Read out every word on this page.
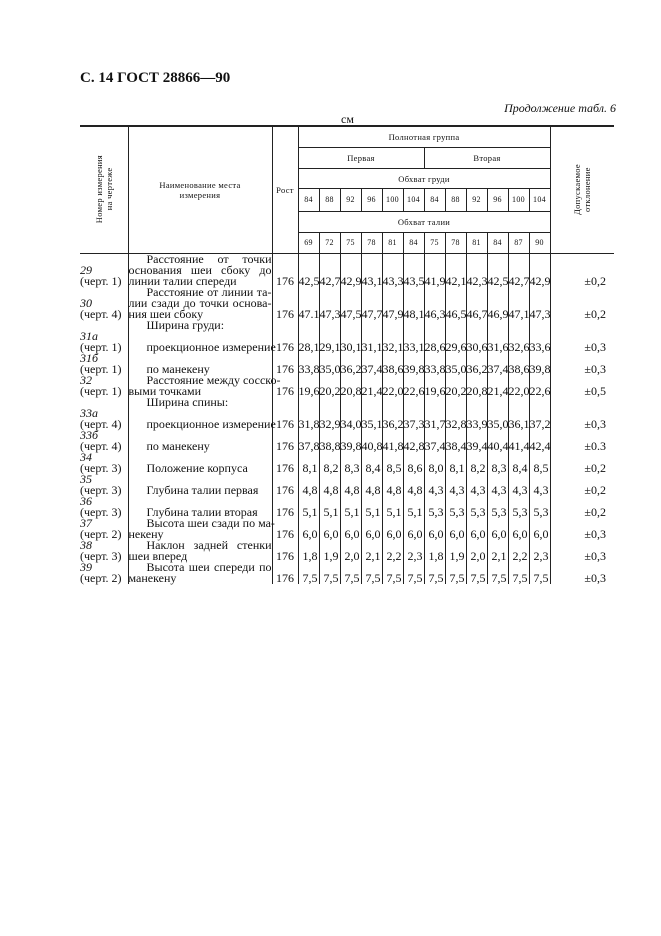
С. 14 ГОСТ 28866—90
Продолжение табл. 6
см
Номер измерения
на чертеже	Наименование места
измерения	Рост	Полнотная группа												Допускаемое
отклонение
			Первая						Вторая						
			Обхват груди												
			84	88	92	96	100	104	84	88	92	96	100	104	
			Обхват талии												
			69	72	75	78	81	84	75	78	81	84	87	90	

29
(черт. 1)	Расстояние от точки
основания шеи сбоку до
линии талии спереди	176	42,5	42,7	42,9	43,1	43,3	43,5	41,9	42,1	42,3	42,5	42,7	42,9	±0,2

30
(черт. 4)	Расстояние от линии та-
лии сзади до точки основа-
ния шеи сбоку	176	47.1	47,3	47,5	47,7	47,9	48,1	46,3	46,5	46,7	46,9	47,1	47,3	±0,2

	Ширина груди:														

31а
(черт. 1)	проекционное измерение	176	28,1	29,1	30,1	31,1	32,1	33,1	28,6	29,6	30,6	31,6	32,6	33,6	±0,3

31б
(черт. 1)	по манекену	176	33,8	35,0	36,2	37,4	38,6	39,8	33,8	35,0	36,2	37,4	38,6	39,8	±0,3

32
(черт. 1)	Расстояние между сосско-
выми точками	176	19,6	20,2	20,8	21,4	22,0	22,6	19,6	20,2	20,8	21,4	22,0	22,6	±0,5

	Ширина спины:														

33а
(черт. 4)	проекционное измерение	176	31,8	32,9	34,0	35,1	36,2	37,3	31,7	32,8	33,9	35,0	36,1	37,2	±0,3

33б
(черт. 4)	по манекену	176	37,8	38,8	39,8	40,8	41,8	42,8	37,4	38,4	39,4	40,4	41,4	42,4	±0.3

34
(черт. 3)	Положение корпуса	176	8,1	8,2	8,3	8,4	8,5	8,6	8,0	8,1	8,2	8,3	8,4	8,5	±0,2

35
(черт. 3)	Глубина талии первая	176	4,8	4,8	4,8	4,8	4,8	4,8	4,3	4,3	4,3	4,3	4,3	4,3	±0,2

36
(черт. 3)	Глубина талии вторая	176	5,1	5,1	5,1	5,1	5,1	5,1	5,3	5,3	5,3	5,3	5,3	5,3	±0,2

37
(черт. 2)	Высота шеи сзади по ма-
некену	176	6,0	6,0	6,0	6,0	6,0	6,0	6,0	6,0	6,0	6,0	6,0	6,0	±0,3

38
(черт. 3)	Наклон задней стенки
шеи вперед	176	1,8	1,9	2,0	2,1	2,2	2,3	1,8	1,9	2,0	2,1	2,2	2,3	±0,3

39
(черт. 2)	Высота шеи спереди по
манекену	176	7,5	7,5	7,5	7,5	7,5	7,5	7,5	7,5	7,5	7,5	7,5	7,5	±0,3
